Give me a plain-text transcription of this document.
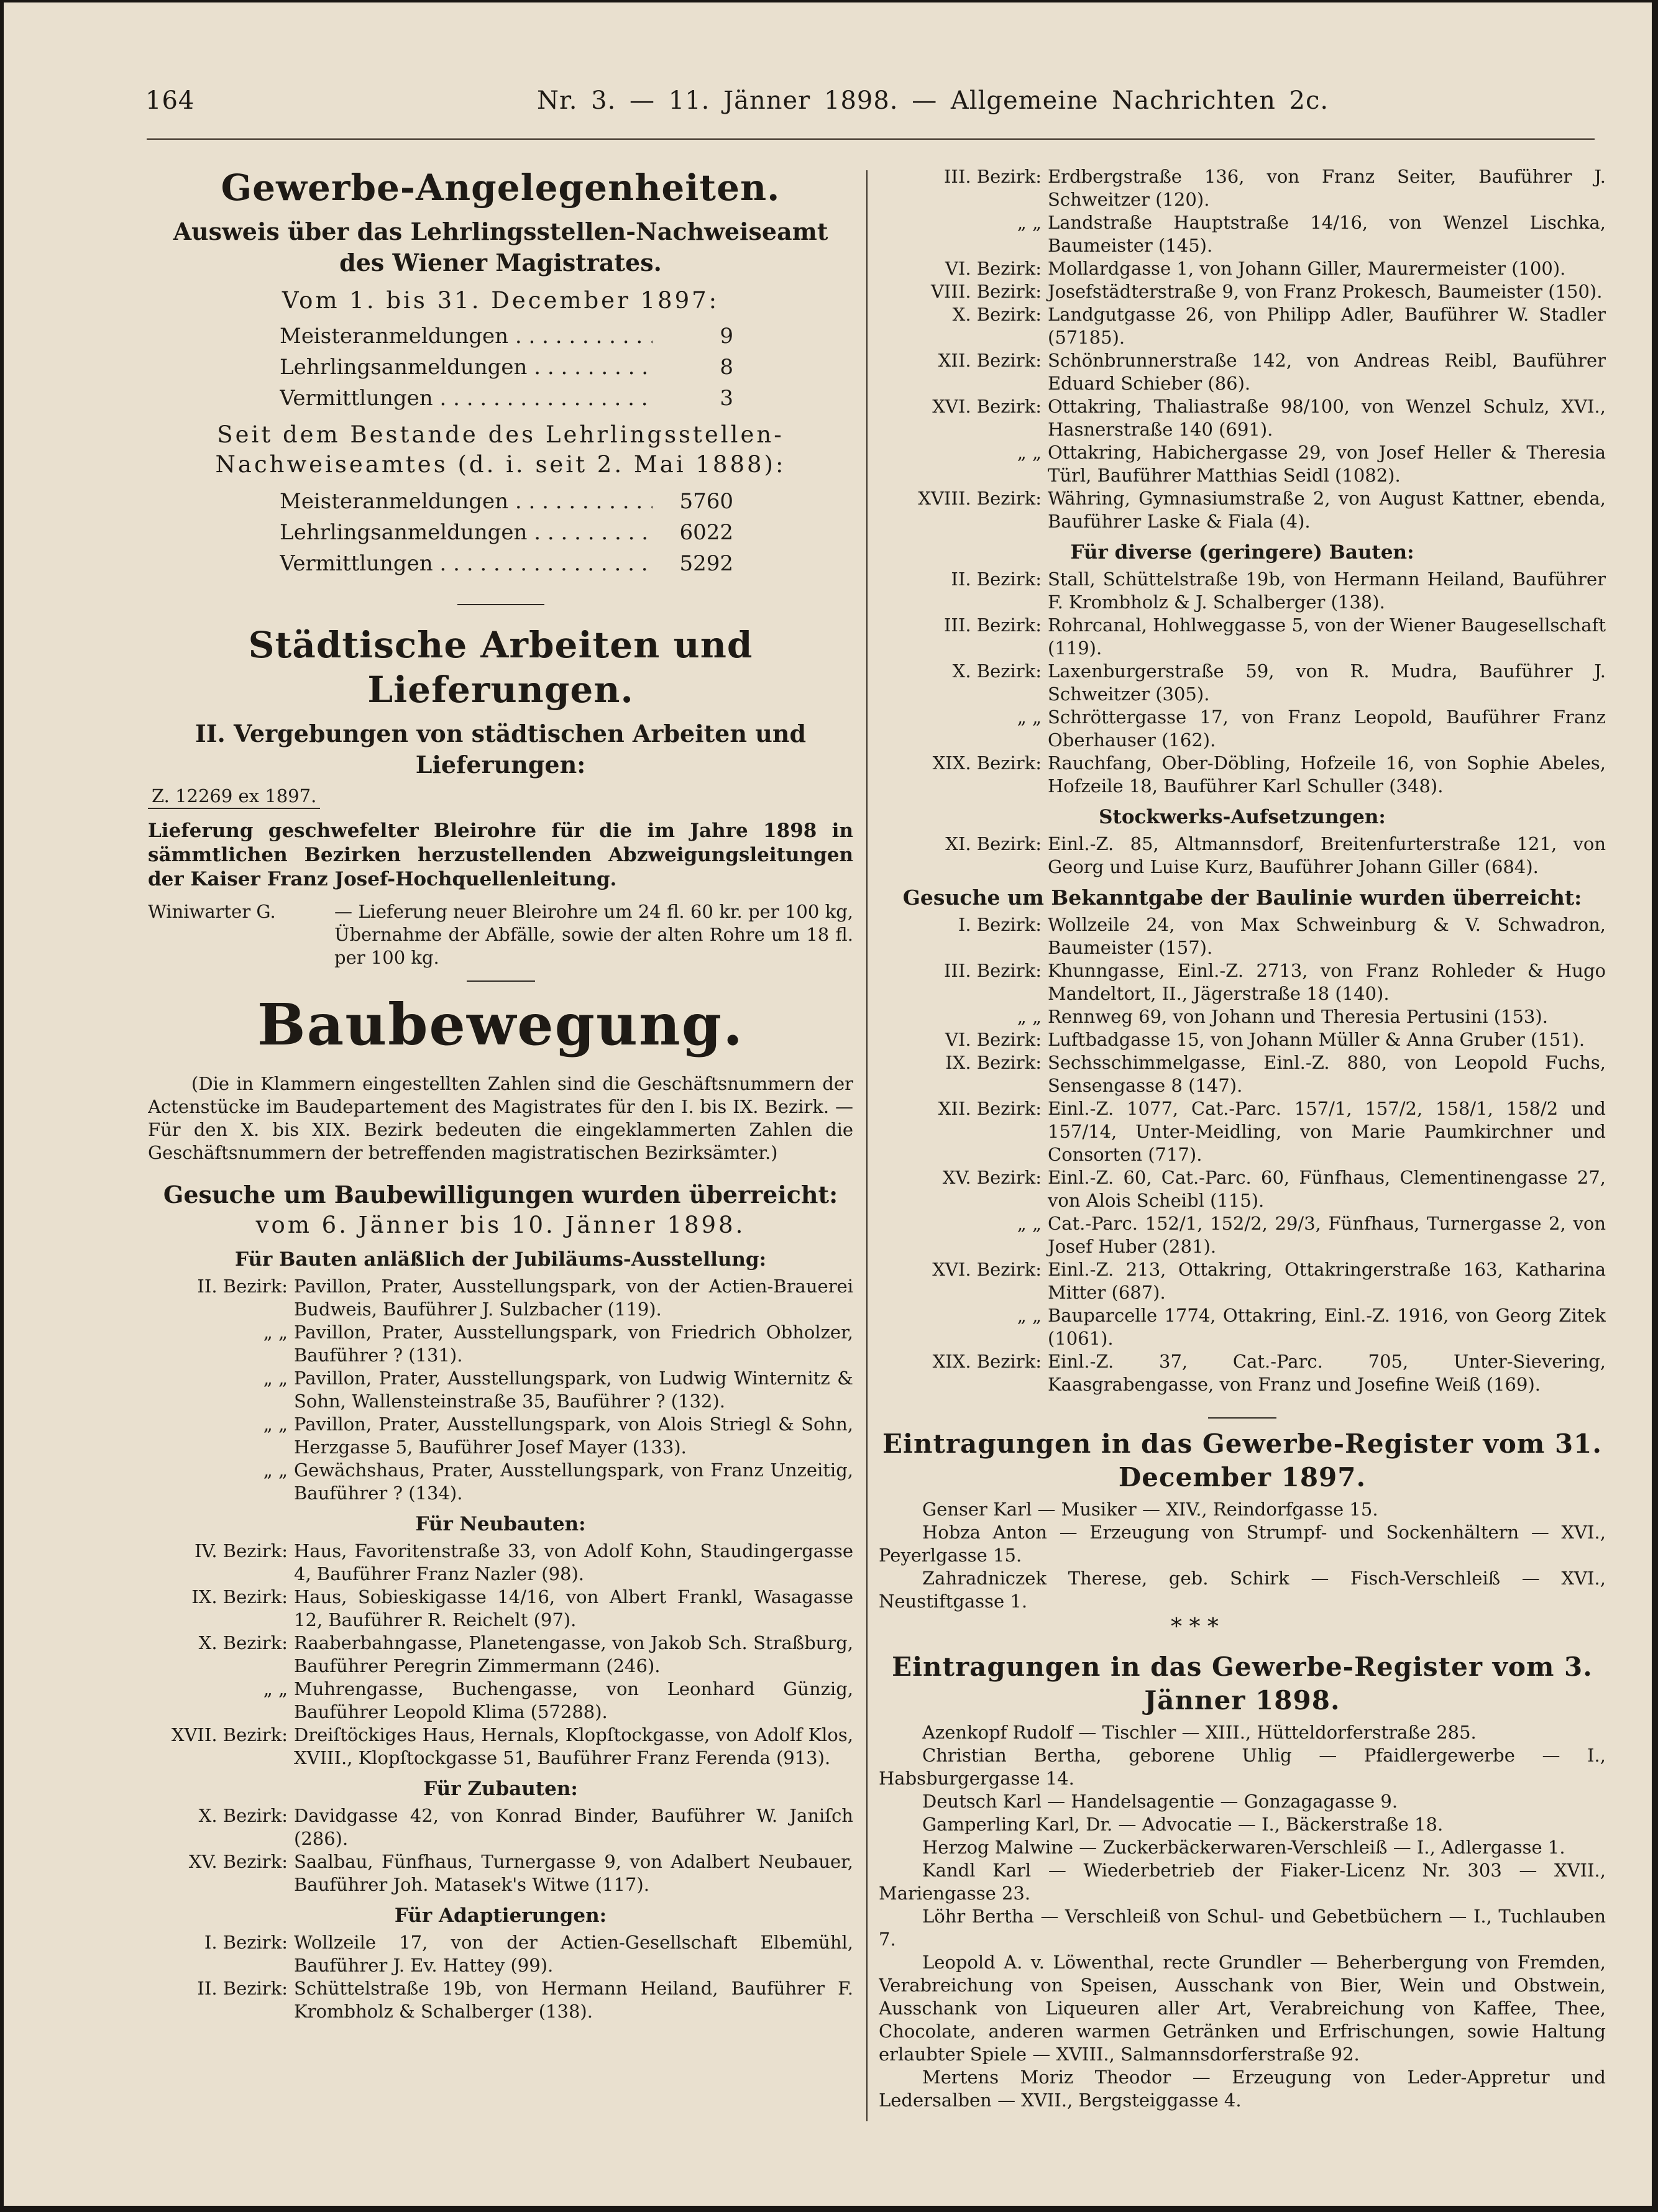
164	Nr. 3. — 11. Jänner 1898. — Allgemeine Nachrichten 2c.
Gewerbe-Angelegenheiten.
Ausweis über das Lehrlingsstellen-Nachweiseamt des Wiener Magistrates.
Vom 1. bis 31. December 1897:
Meisteranmeldungen . . .	9
Lehrlingsanmeldungen . . .	8
Vermittlungen . . .	3
Seit dem Bestande des Lehrlingsstellen-Nachweiseamtes (d. i. seit 2. Mai 1888):
Meisteranmeldungen . . .	5760
Lehrlingsanmeldungen . . .	6022
Vermittlungen . . .	5292
Städtische Arbeiten und Lieferungen.
II. Vergebungen von städtischen Arbeiten und Lieferungen:
Z. 12269 ex 1897.

Lieferung geschwefelter Bleirohre für die im Jahre 1898 in sämmtlichen Bezirken herzustellenden Abzweigungsleitungen der Kaiser Franz Josef-Hochquellenleitung.

Winiwarter G.	— Lieferung neuer Bleirohre um 24 fl. 60 kr. per 100 kg, Übernahme der Abfälle, sowie der alten Rohre um 18 fl. per 100 kg.
Baubewegung.

(Die in Klammern eingestellten Zahlen sind die Geschäftsnummern der Actenstücke im Baudepartement des Magistrates für den I. bis IX. Bezirk. — Für den X. bis XIX. Bezirk bedeuten die eingeklammerten Zahlen die Geschäftsnummern der betreffenden magistratischen Bezirksämter.)

Gesuche um Baubewilligungen wurden überreicht:
vom 6. Jänner bis 10. Jänner 1898.
Für Bauten anläßlich der Jubiläums-Ausstellung:
II. Bezirk: Pavillon, Prater, Ausstellungspark, von der Actien-Brauerei Budweis, Bauführer J. Sulzbacher (119).
„ „ Pavillon, Prater, Ausstellungspark, von Friedrich Obholzer, Bauführer ? (131).
„ „ Pavillon, Prater, Ausstellungspark, von Ludwig Winternitz & Sohn, Wallensteinstraße 35, Bauführer ? (132).
„ „ Pavillon, Prater, Ausstellungspark, von Alois Striegl & Sohn, Herzgasse 5, Bauführer Josef Mayer (133).
„ „ Gewächshaus, Prater, Ausstellungspark, von Franz Unzeitig, Bauführer ? (134).
Für Neubauten:
IV. Bezirk: Haus, Favoritenstraße 33, von Adolf Kohn, Staudingergasse 4, Bauführer Franz Nazler (98).
IX. Bezirk: Haus, Sobieskigasse 14/16, von Albert Frankl, Wasagasse 12, Bauführer R. Reichelt (97).
X. Bezirk: Raaberbahngasse, Planetengasse, von Jakob Sch. Straßburg, Bauführer Peregrin Zimmermann (246).
„ „ Muhrengasse, Buchengasse, von Leonhard Günzig, Bauführer Leopold Klima (57288).
XVII. Bezirk: Dreiſtöckiges Haus, Hernals, Klopſtockgasse, von Adolf Klos, XVIII., Klopſtockgasse 51, Bauführer Franz Ferenda (913).
Für Zubauten:
X. Bezirk: Davidgasse 42, von Konrad Binder, Bauführer W. Janiſch (286).
XV. Bezirk: Saalbau, Fünfhaus, Turnergasse 9, von Adalbert Neubauer, Bauführer Joh. Matasek's Witwe (117).
Für Adaptierungen:
I. Bezirk: Wollzeile 17, von der Actien-Gesellschaft Elbemühl, Bauführer J. Ev. Hattey (99).
II. Bezirk: Schüttelstraße 19b, von Hermann Heiland, Bauführer F. Krombholz & Schalberger (138).
III. Bezirk: Erdbergstraße 136, von Franz Seiter, Bauführer J. Schweitzer (120).
„ „ Landstraße Hauptstraße 14/16, von Wenzel Lischka, Baumeister (145).
VI. Bezirk: Mollardgasse 1, von Johann Giller, Maurermeister (100).
VIII. Bezirk: Josefstädterstraße 9, von Franz Prokesch, Baumeister (150).
X. Bezirk: Landgutgasse 26, von Philipp Adler, Bauführer W. Stadler (57185).
XII. Bezirk: Schönbrunnerstraße 142, von Andreas Reibl, Bauführer Eduard Schieber (86).
XVI. Bezirk: Ottakring, Thaliastraße 98/100, von Wenzel Schulz, XVI., Hasnerstraße 140 (691).
„ „ Ottakring, Habichergasse 29, von Josef Heller & Theresia Türl, Bauführer Matthias Seidl (1082).
XVIII. Bezirk: Währing, Gymnasiumstraße 2, von August Kattner, ebenda, Bauführer Laske & Fiala (4).
Für diverse (geringere) Bauten:
II. Bezirk: Stall, Schüttelstraße 19b, von Hermann Heiland, Bauführer F. Krombholz & J. Schalberger (138).
III. Bezirk: Rohrcanal, Hohlweggasse 5, von der Wiener Baugesellschaft (119).
X. Bezirk: Laxenburgerstraße 59, von R. Mudra, Bauführer J. Schweitzer (305).
„ „ Schröttergasse 17, von Franz Leopold, Bauführer Franz Oberhauser (162).
XIX. Bezirk: Rauchfang, Ober-Döbling, Hofzeile 16, von Sophie Abeles, Hofzeile 18, Bauführer Karl Schuller (348).
Stockwerks-Aufsetzungen:
XI. Bezirk: Einl.-Z. 85, Altmannsdorf, Breitenfurterstraße 121, von Georg und Luise Kurz, Bauführer Johann Giller (684).
Gesuche um Bekanntgabe der Baulinie wurden überreicht:
I. Bezirk: Wollzeile 24, von Max Schweinburg & V. Schwadron, Baumeister (157).
III. Bezirk: Khunngasse, Einl.-Z. 2713, von Franz Rohleder & Hugo Mandeltort, II., Jägerstraße 18 (140).
„ „ Rennweg 69, von Johann und Theresia Pertusini (153).
VI. Bezirk: Luftbadgasse 15, von Johann Müller & Anna Gruber (151).
IX. Bezirk: Sechsschimmelgasse, Einl.-Z. 880, von Leopold Fuchs, Sensengasse 8 (147).
XII. Bezirk: Einl.-Z. 1077, Cat.-Parc. 157/1, 157/2, 158/1, 158/2 und 157/14, Unter-Meidling, von Marie Paumkirchner und Consorten (717).
XV. Bezirk: Einl.-Z. 60, Cat.-Parc. 60, Fünfhaus, Clementinengasse 27, von Alois Scheibl (115).
„ „ Cat.-Parc. 152/1, 152/2, 29/3, Fünfhaus, Turnergasse 2, von Josef Huber (281).
XVI. Bezirk: Einl.-Z. 213, Ottakring, Ottakringerstraße 163, Katharina Mitter (687).
„ „ Bauparcelle 1774, Ottakring, Einl.-Z. 1916, von Georg Zitek (1061).
XIX. Bezirk: Einl.-Z. 37, Cat.-Parc. 705, Unter-Sievering, Kaasgrabengasse, von Franz und Josefine Weiß (169).
Eintragungen in das Gewerbe-Register vom 31. December 1897.

Genser Karl — Musiker — XIV., Reindorfgasse 15.

Hobza Anton — Erzeugung von Strumpf- und Sockenhältern — XVI., Peyerlgasse 15.

Zahradniczek Therese, geb. Schirk — Fisch-Verschleiß — XVI., Neustiftgasse 1.

* * *
Eintragungen in das Gewerbe-Register vom 3. Jänner 1898.

Azenkopf Rudolf — Tischler — XIII., Hütteldorferstraße 285.

Christian Bertha, geborene Uhlig — Pfaidlergewerbe — I., Habsburgergasse 14.

Deutsch Karl — Handelsagentie — Gonzagagasse 9.

Gamperling Karl, Dr. — Advocatie — I., Bäckerstraße 18.

Herzog Malwine — Zuckerbäckerwaren-Verschleiß — I., Adlergasse 1.

Kandl Karl — Wiederbetrieb der Fiaker-Licenz Nr. 303 — XVII., Mariengasse 23.

Löhr Bertha — Verschleiß von Schul- und Gebetbüchern — I., Tuchlauben 7.

Leopold A. v. Löwenthal, recte Grundler — Beherbergung von Fremden, Verabreichung von Speisen, Ausschank von Bier, Wein und Obstwein, Ausschank von Liqueuren aller Art, Verabreichung von Kaffee, Thee, Chocolate, anderen warmen Getränken und Erfrischungen, sowie Haltung erlaubter Spiele — XVIII., Salmannsdorferstraße 92.

Mertens Moriz Theodor — Erzeugung von Leder-Appretur und Ledersalben — XVII., Bergsteiggasse 4.
